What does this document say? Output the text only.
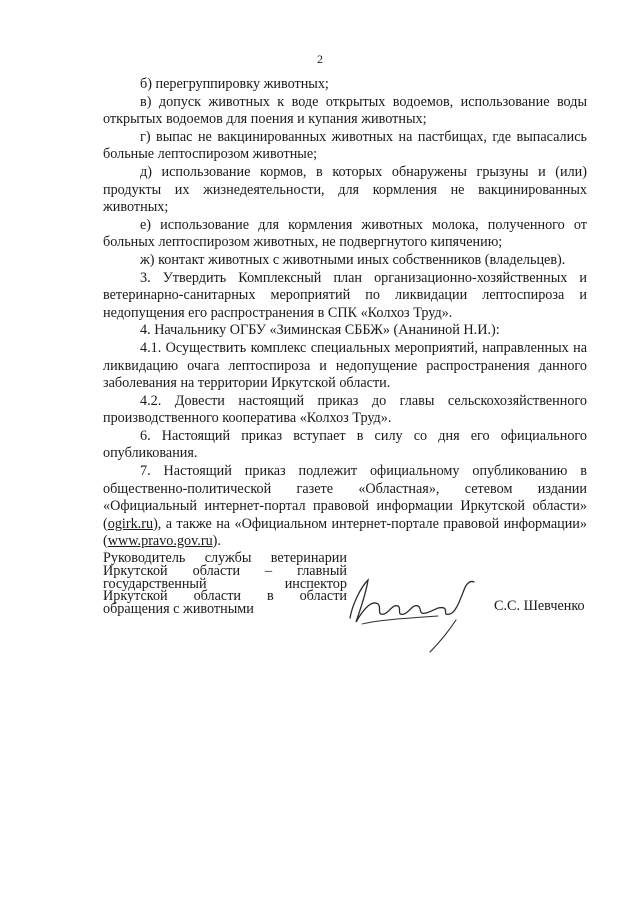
2

б) перегруппировку животных;

в) допуск животных к воде открытых водоемов, использование воды открытых водоемов для поения и купания животных;

г) выпас не вакцинированных животных на пастбищах, где выпасались больные лептоспирозом животные;

д) использование кормов, в которых обнаружены грызуны и (или) продукты их жизнедеятельности, для кормления не вакцинированных животных;

е) использование для кормления животных молока, полученного от больных лептоспирозом животных, не подвергнутого кипячению;

ж) контакт животных с животными иных собственников (владельцев).

3. Утвердить Комплексный план организационно-хозяйственных и ветеринарно-санитарных мероприятий по ликвидации лептоспироза и недопущения его распространения в СПК «Колхоз Труд».

4. Начальнику ОГБУ «Зиминская СББЖ» (Ананиной Н.И.):

4.1. Осуществить комплекс специальных мероприятий, направленных на ликвидацию очага лептоспироза и недопущение распространения данного заболевания на территории Иркутской области.

4.2. Довести настоящий приказ до главы сельскохозяйственного производственного кооператива «Колхоз Труд».

6. Настоящий приказ вступает в силу со дня его официального опубликования.

7. Настоящий приказ подлежит официальному опубликованию в общественно-политической газете «Областная», сетевом издании «Официальный интернет-портал правовой информации Иркутской области» (ogirk.ru), а также на «Официальном интернет-портале правовой информации» (www.pravo.gov.ru).

Руководитель службы ветеринарии
Иркутской области – главный
государственный инспектор
Иркутской области в области
обращения с животными	С.С. Шевченко
